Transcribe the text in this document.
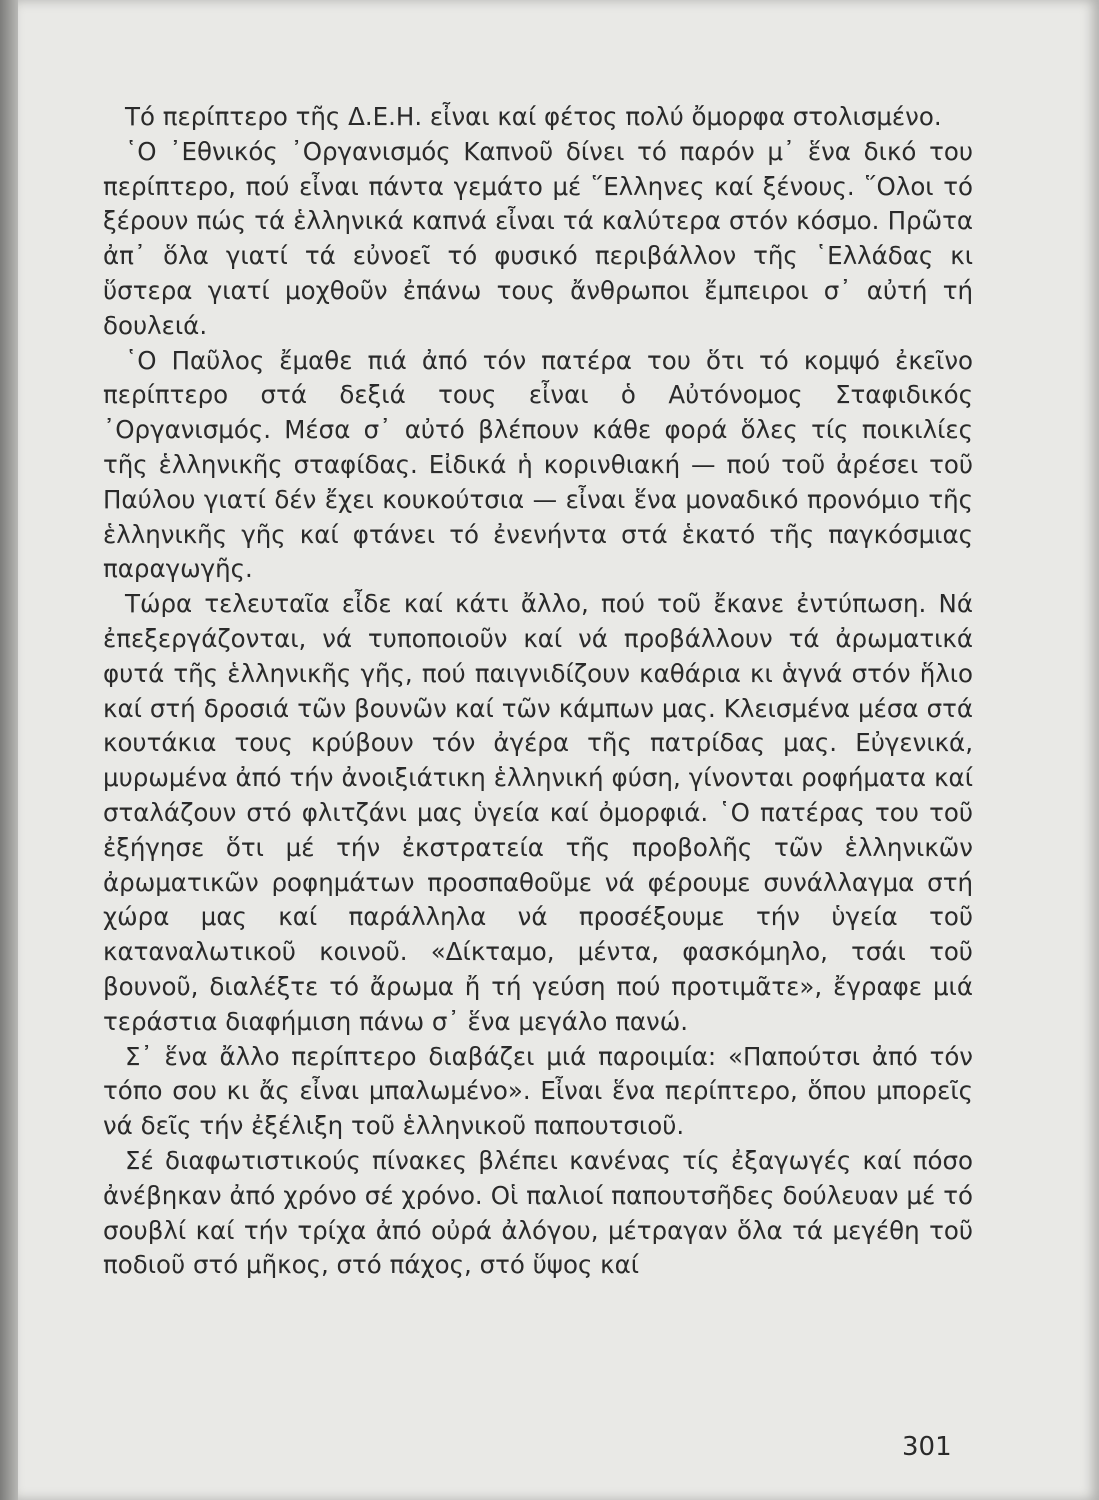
Τό περίπτερο τῆς Δ.Ε.Η. εἶναι καί φέτος πολύ ὄμορφα στολισμένο.

῾Ο ᾿Εθνικός ᾿Οργανισμός Καπνοῦ δίνει τό παρόν μ᾿ ἕνα δικό του περίπτερο, πού εἶναι πάντα γεμάτο μέ ῞Ελληνες καί ξένους. ῞Ολοι τό ξέρουν πώς τά ἑλληνικά καπνά εἶναι τά καλύτερα στόν κόσμο. Πρῶτα ἀπ᾿ ὅλα γιατί τά εὐνοεῖ τό φυσικό περιβάλλον τῆς ῾Ελλάδας κι ὕστερα γιατί μοχθοῦν ἐπάνω τους ἄνθρωποι ἔμπειροι σ᾿ αὐτή τή δουλειά.

῾Ο Παῦλος ἔμαθε πιά ἀπό τόν πατέρα του ὅτι τό κομψό ἐκεῖνο περίπτερο στά δεξιά τους εἶναι ὁ Αὐτόνομος Σταφιδικός ᾿Οργανισμός. Μέσα σ᾿ αὐτό βλέπουν κάθε φορά ὅλες τίς ποικιλίες τῆς ἑλληνικῆς σταφίδας. Εἰδικά ἡ κορινθιακή — πού τοῦ ἀρέσει τοῦ Παύλου γιατί δέν ἔχει κουκούτσια — εἶναι ἕνα μοναδικό προνόμιο τῆς ἑλληνικῆς γῆς καί φτάνει τό ἐνενήντα στά ἑκατό τῆς παγκόσμιας παραγωγῆς.

Τώρα τελευταῖα εἶδε καί κάτι ἄλλο, πού τοῦ ἔκανε ἐντύπωση. Νά ἐπεξεργάζονται, νά τυποποιοῦν καί νά προβάλλουν τά ἀρωματικά φυτά τῆς ἑλληνικῆς γῆς, πού παιγνιδίζουν καθάρια κι ἁγνά στόν ἥλιο καί στή δροσιά τῶν βουνῶν καί τῶν κάμπων μας. Κλεισμένα μέσα στά κουτάκια τους κρύβουν τόν ἀγέρα τῆς πατρίδας μας. Εὐγενικά, μυρωμένα ἀπό τήν ἀνοιξιάτικη ἑλληνική φύση, γίνονται ροφήματα καί σταλάζουν στό φλιτζάνι μας ὑγεία καί ὀμορφιά. ῾Ο πατέρας του τοῦ ἐξήγησε ὅτι μέ τήν ἐκστρατεία τῆς προβολῆς τῶν ἑλληνικῶν ἀρωματικῶν ροφημάτων προσπαθοῦμε νά φέρουμε συνάλλαγμα στή χώρα μας καί παράλληλα νά προσέξουμε τήν ὑγεία τοῦ καταναλωτικοῦ κοινοῦ. «Δίκταμο, μέντα, φασκόμηλο, τσάι τοῦ βουνοῦ, διαλέξτε τό ἄρωμα ἤ τή γεύση πού προτιμᾶτε», ἔγραφε μιά τεράστια διαφήμιση πάνω σ᾿ ἕνα μεγάλο πανώ.

Σ᾿ ἕνα ἄλλο περίπτερο διαβάζει μιά παροιμία: «Παπούτσι ἀπό τόν τόπο σου κι ἄς εἶναι μπαλωμένο». Εἶναι ἕνα περίπτερο, ὅπου μπορεῖς νά δεῖς τήν ἐξέλιξη τοῦ ἑλληνικοῦ παπουτσιοῦ.

Σέ διαφωτιστικούς πίνακες βλέπει κανένας τίς ἐξαγωγές καί πόσο ἀνέβηκαν ἀπό χρόνο σέ χρόνο. Οἱ παλιοί παπουτσῆδες δούλευαν μέ τό σουβλί καί τήν τρίχα ἀπό οὐρά ἀλόγου, μέτραγαν ὅλα τά μεγέθη τοῦ ποδιοῦ στό μῆκος, στό πάχος, στό ὕψος καί

301
